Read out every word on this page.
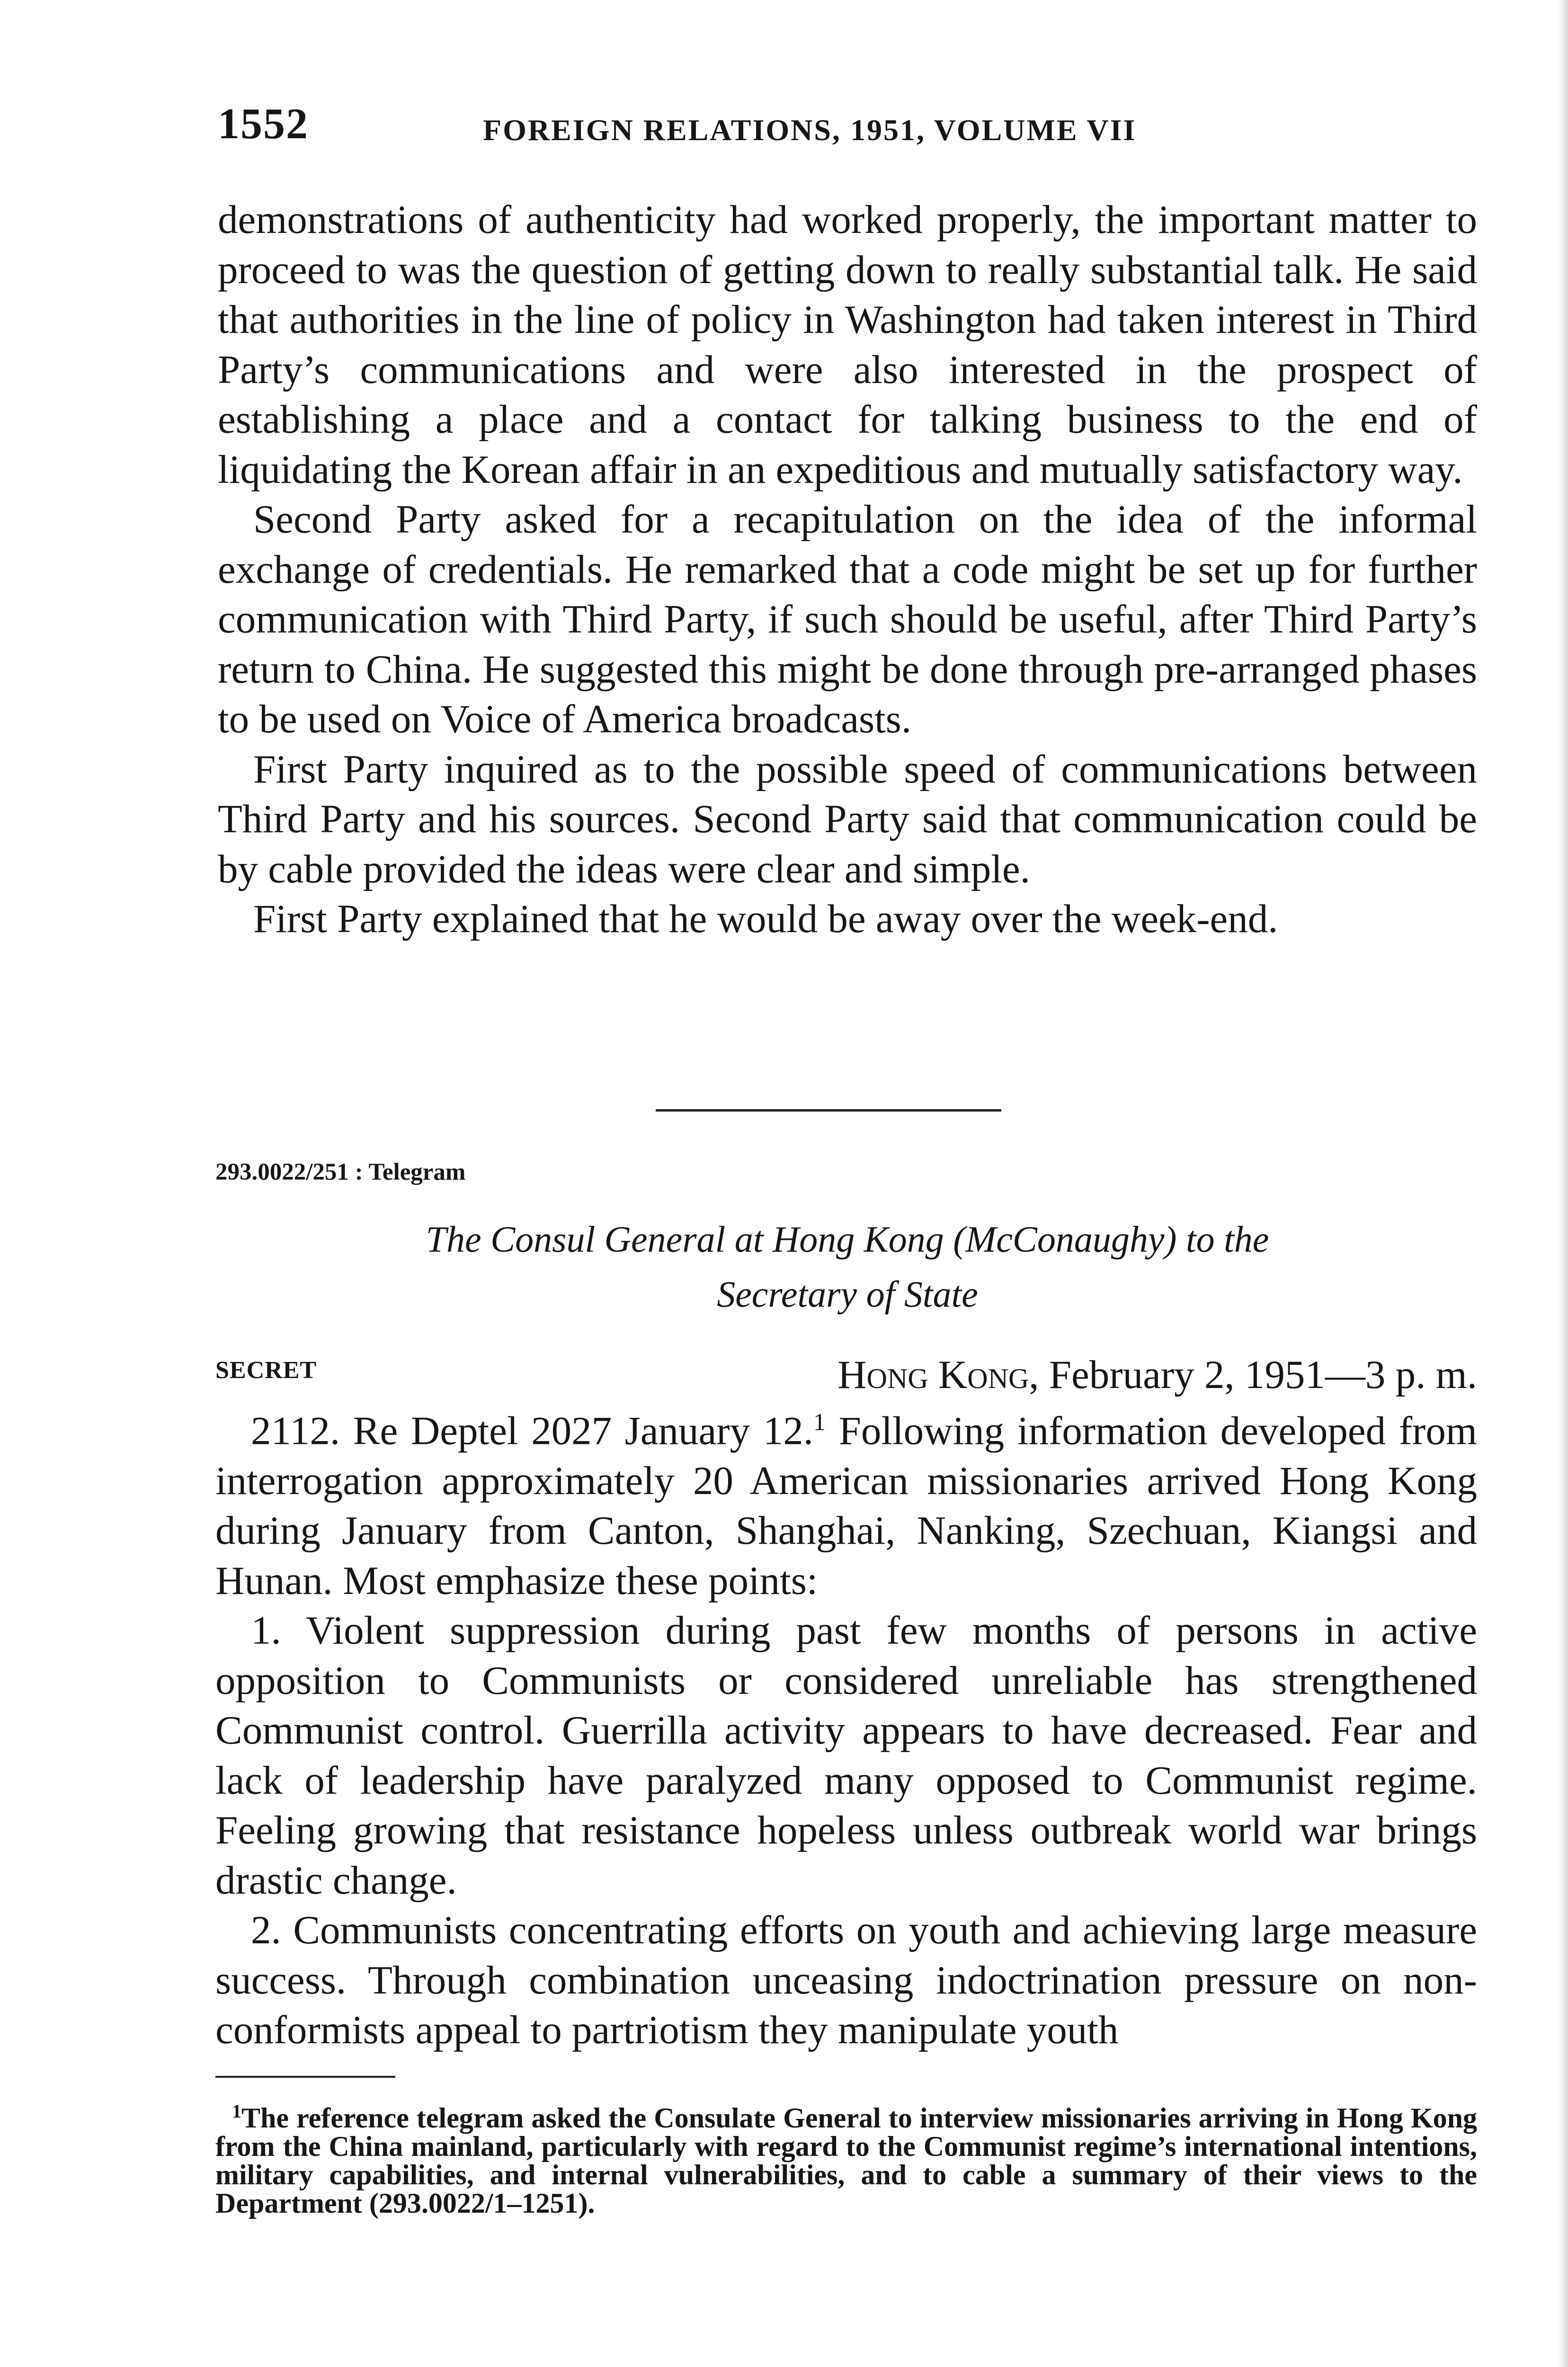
1552	FOREIGN RELATIONS, 1951, VOLUME VII

demonstrations of authenticity had worked properly, the important matter to proceed to was the question of getting down to really substantial talk. He said that authorities in the line of policy in Washington had taken interest in Third Party’s communications and were also interested in the prospect of establishing a place and a contact for talking business to the end of liquidating the Korean affair in an expeditious and mutually satisfactory way.

Second Party asked for a recapitulation on the idea of the informal exchange of credentials. He remarked that a code might be set up for further communication with Third Party, if such should be useful, after Third Party’s return to China. He suggested this might be done through pre-arranged phases to be used on Voice of America broadcasts.

First Party inquired as to the possible speed of communications between Third Party and his sources. Second Party said that communication could be by cable provided the ideas were clear and simple.

First Party explained that he would be away over the week-end.

293.0022/251 : Telegram
The Consul General at Hong Kong (McConaughy) to the
Secretary of State
SECRET	Hong Kong, February 2, 1951—3 p. m.

2112. Re Deptel 2027 January 12.$^1$ Following information developed from interrogation approximately 20 American missionaries arrived Hong Kong during January from Canton, Shanghai, Nanking, Szechuan, Kiangsi and Hunan. Most emphasize these points:

1. Violent suppression during past few months of persons in active opposition to Communists or considered unreliable has strengthened Communist control. Guerrilla activity appears to have decreased. Fear and lack of leadership have paralyzed many opposed to Communist regime. Feeling growing that resistance hopeless unless outbreak world war brings drastic change.

2. Communists concentrating efforts on youth and achieving large measure success. Through combination unceasing indoctrination pressure on non-conformists appeal to partriotism they manipulate youth

$^1$The reference telegram asked the Consulate General to interview missionaries arriving in Hong Kong from the China mainland, particularly with regard to the Communist regime’s international intentions, military capabilities, and internal vulnerabilities, and to cable a summary of their views to the Department (293.0022/1–1251).
